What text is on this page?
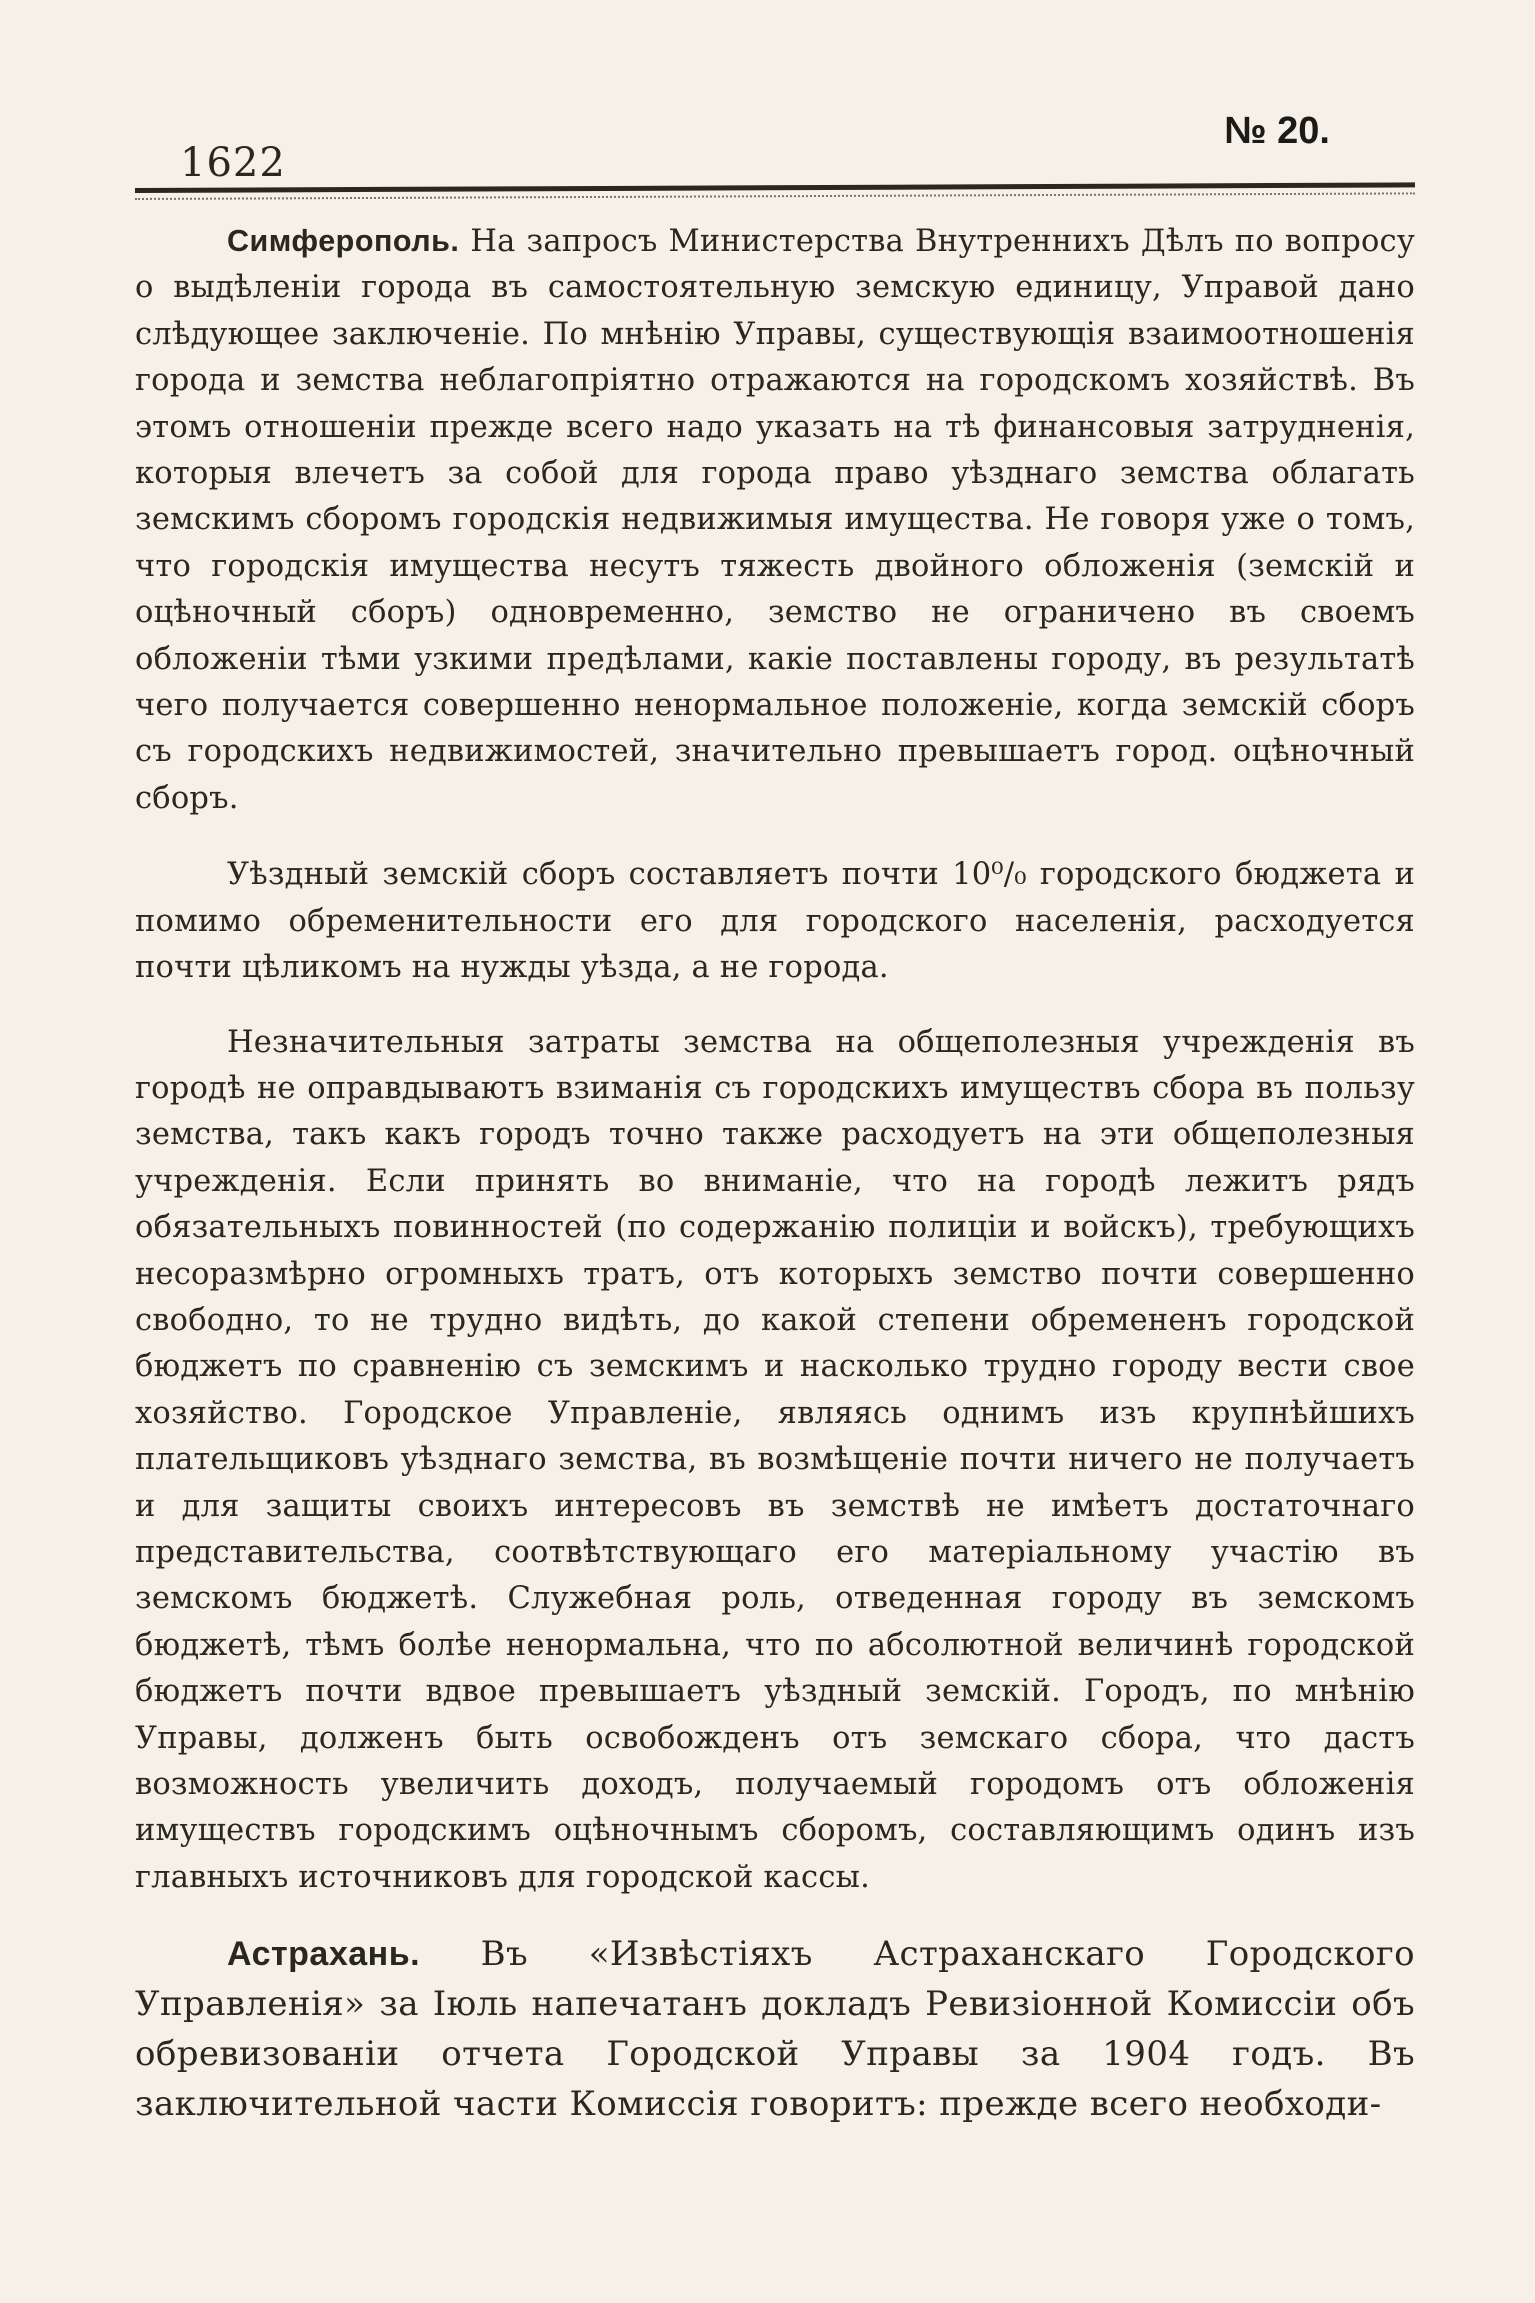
1622
№ 20.

Симферополь. На запросъ Министерства Внутреннихъ Дѣлъ по вопросу о выдѣленіи города въ самостоятельную земскую единицу, Управой дано слѣдующее заключеніе. По мнѣнію Управы, существующія взаимоотношенія города и земства неблагопріятно отражаются на городскомъ хозяйствѣ. Въ этомъ отношеніи прежде всего надо указать на тѣ финансовыя затрудненія, которыя влечетъ за собой для города право уѣзднаго земства облагать земскимъ сборомъ городскія недвижимыя имущества. Не говоря уже о томъ, что городскія имущества несутъ тяжесть двойного обложенія (земскій и оцѣночный сборъ) одновременно, земство не ограничено въ своемъ обложеніи тѣми узкими предѣлами, какіе поставлены городу, въ результатѣ чего получается совершенно ненормальное положеніе, когда земскій сборъ съ городскихъ недвижимостей, значительно превышаетъ город. оцѣночный сборъ.

Уѣздный земскій сборъ составляетъ почти 10⁰/₀ городского бюджета и помимо обременительности его для городского населенія, расходуется почти цѣликомъ на нужды уѣзда, а не города.

Незначительныя затраты земства на общеполезныя учрежденія въ городѣ не оправдываютъ взиманія съ городскихъ имуществъ сбора въ пользу земства, такъ какъ городъ точно также расходуетъ на эти общеполезныя учрежденія. Если принять во вниманіе, что на городѣ лежитъ рядъ обязательныхъ повинностей (по содержанію полиціи и войскъ), требующихъ несоразмѣрно огромныхъ тратъ, отъ которыхъ земство почти совершенно свободно, то не трудно видѣть, до какой степени обремененъ городской бюджетъ по сравненію съ земскимъ и насколько трудно городу вести свое хозяйство. Городское Управленіе, являясь однимъ изъ крупнѣйшихъ плательщиковъ уѣзднаго земства, въ возмѣщеніе почти ничего не получаетъ и для защиты своихъ интересовъ въ земствѣ не имѣетъ достаточнаго представительства, соотвѣтствующаго его матеріальному участію въ земскомъ бюджетѣ. Служебная роль, отведенная городу въ земскомъ бюджетѣ, тѣмъ болѣе ненормальна, что по абсолютной величинѣ городской бюджетъ почти вдвое превышаетъ уѣздный земскій. Городъ, по мнѣнію Управы, долженъ быть освобожденъ отъ земскаго сбора, что дастъ возможность увеличить доходъ, получаемый городомъ отъ обложенія имуществъ городскимъ оцѣночнымъ сборомъ, составляющимъ одинъ изъ главныхъ источниковъ для городской кассы.

Астрахань. Въ «Извѣстіяхъ Астраханскаго Городского Управленія» за Іюль напечатанъ докладъ Ревизіонной Комиссіи объ обревизованіи отчета Городской Управы за 1904 годъ. Въ заключительной части Комиссія говоритъ: прежде всего необходи-
